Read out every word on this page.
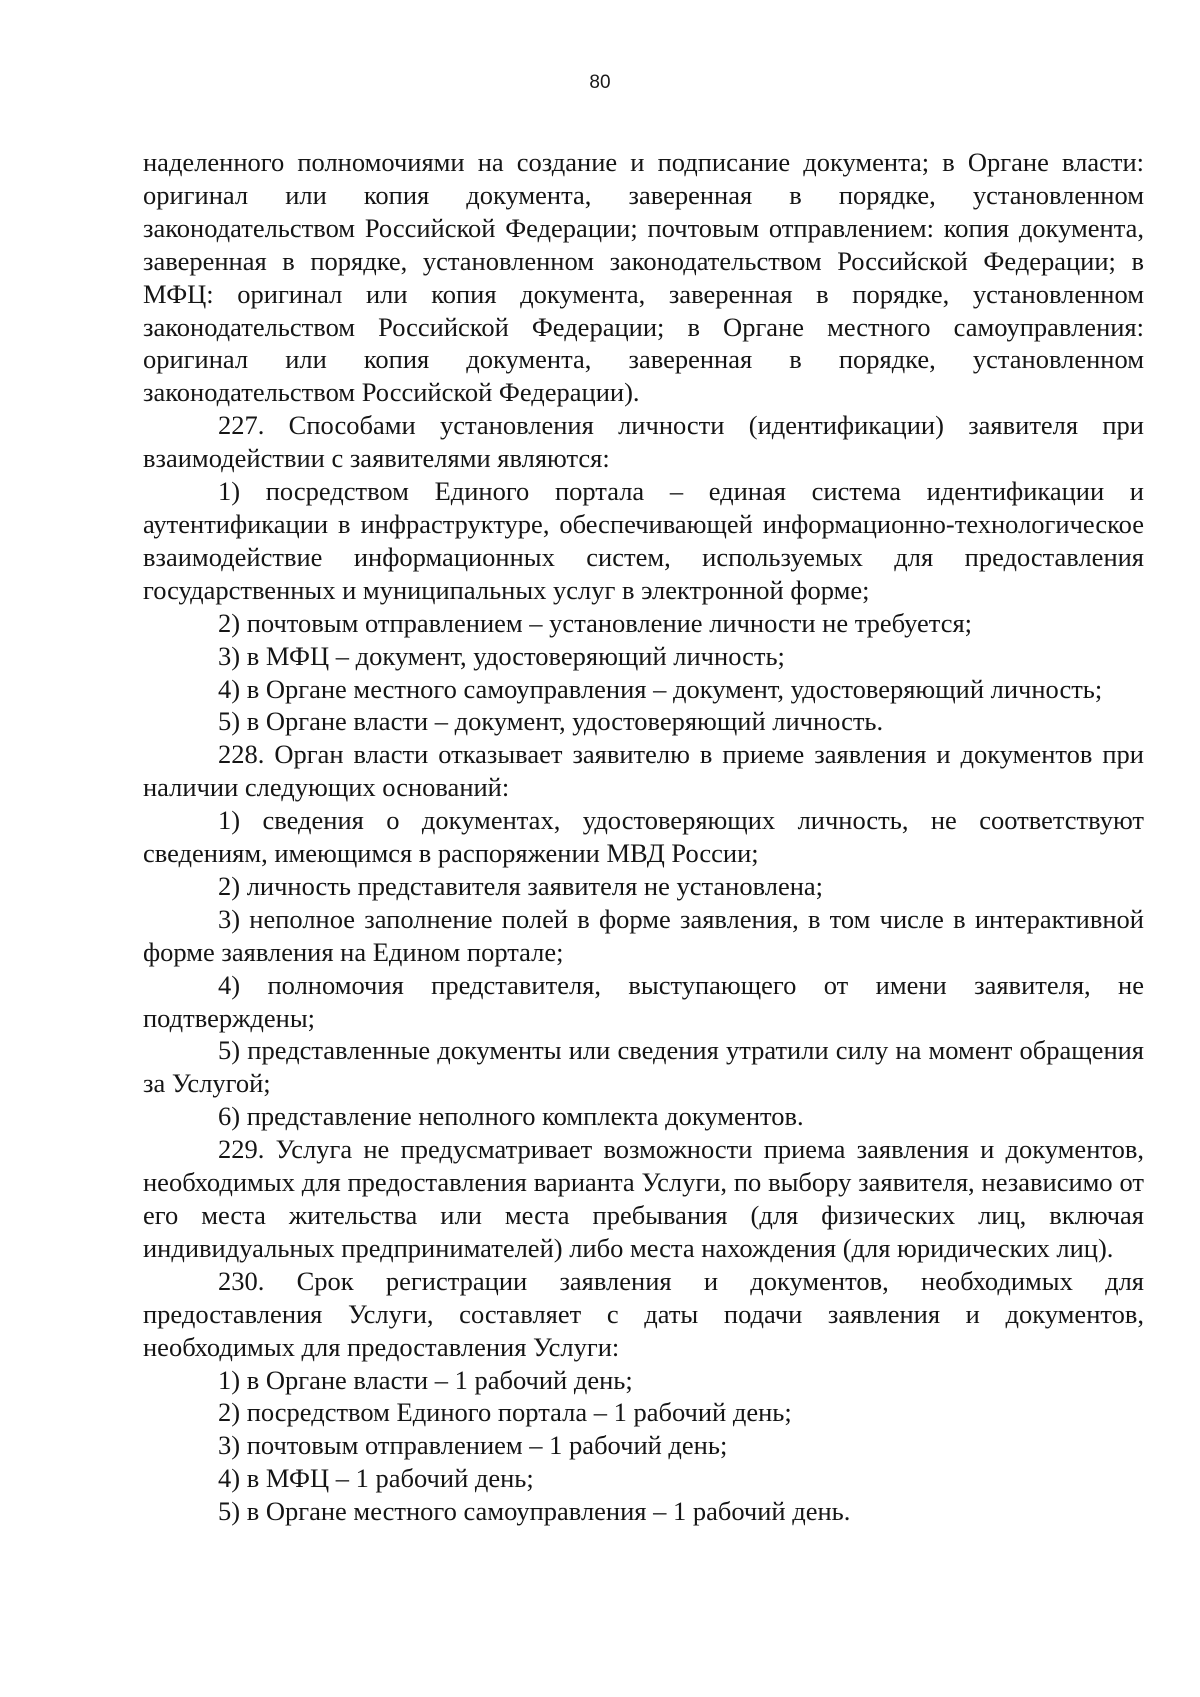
80

наделенного полномочиями на создание и подписание документа; в Органе власти: оригинал или копия документа, заверенная в порядке, установленном законодательством Российской Федерации; почтовым отправлением: копия документа, заверенная в порядке, установленном законодательством Российской Федерации; в МФЦ: оригинал или копия документа, заверенная в порядке, установленном законодательством Российской Федерации; в Органе местного самоуправления: оригинал или копия документа, заверенная в порядке, установленном законодательством Российской Федерации).

227. Способами установления личности (идентификации) заявителя при взаимодействии с заявителями являются:

1) посредством Единого портала – единая система идентификации и аутентификации в инфраструктуре, обеспечивающей информационно-технологическое взаимодействие информационных систем, используемых для предоставления государственных и муниципальных услуг в электронной форме;

2) почтовым отправлением – установление личности не требуется;

3) в МФЦ – документ, удостоверяющий личность;

4) в Органе местного самоуправления – документ, удостоверяющий личность;

5) в Органе власти – документ, удостоверяющий личность.

228. Орган власти отказывает заявителю в приеме заявления и документов при наличии следующих оснований:

1) сведения о документах, удостоверяющих личность, не соответствуют сведениям, имеющимся в распоряжении МВД России;

2) личность представителя заявителя не установлена;

3) неполное заполнение полей в форме заявления, в том числе в интерактивной форме заявления на Едином портале;

4) полномочия представителя, выступающего от имени заявителя, не подтверждены;

5) представленные документы или сведения утратили силу на момент обращения за Услугой;

6) представление неполного комплекта документов.

229. Услуга не предусматривает возможности приема заявления и документов, необходимых для предоставления варианта Услуги, по выбору заявителя, независимо от его места жительства или места пребывания (для физических лиц, включая индивидуальных предпринимателей) либо места нахождения (для юридических лиц).

230. Срок регистрации заявления и документов, необходимых для предоставления Услуги, составляет с даты подачи заявления и документов, необходимых для предоставления Услуги:

1) в Органе власти – 1 рабочий день;

2) посредством Единого портала – 1 рабочий день;

3) почтовым отправлением – 1 рабочий день;

4) в МФЦ – 1 рабочий день;

5) в Органе местного самоуправления – 1 рабочий день.
